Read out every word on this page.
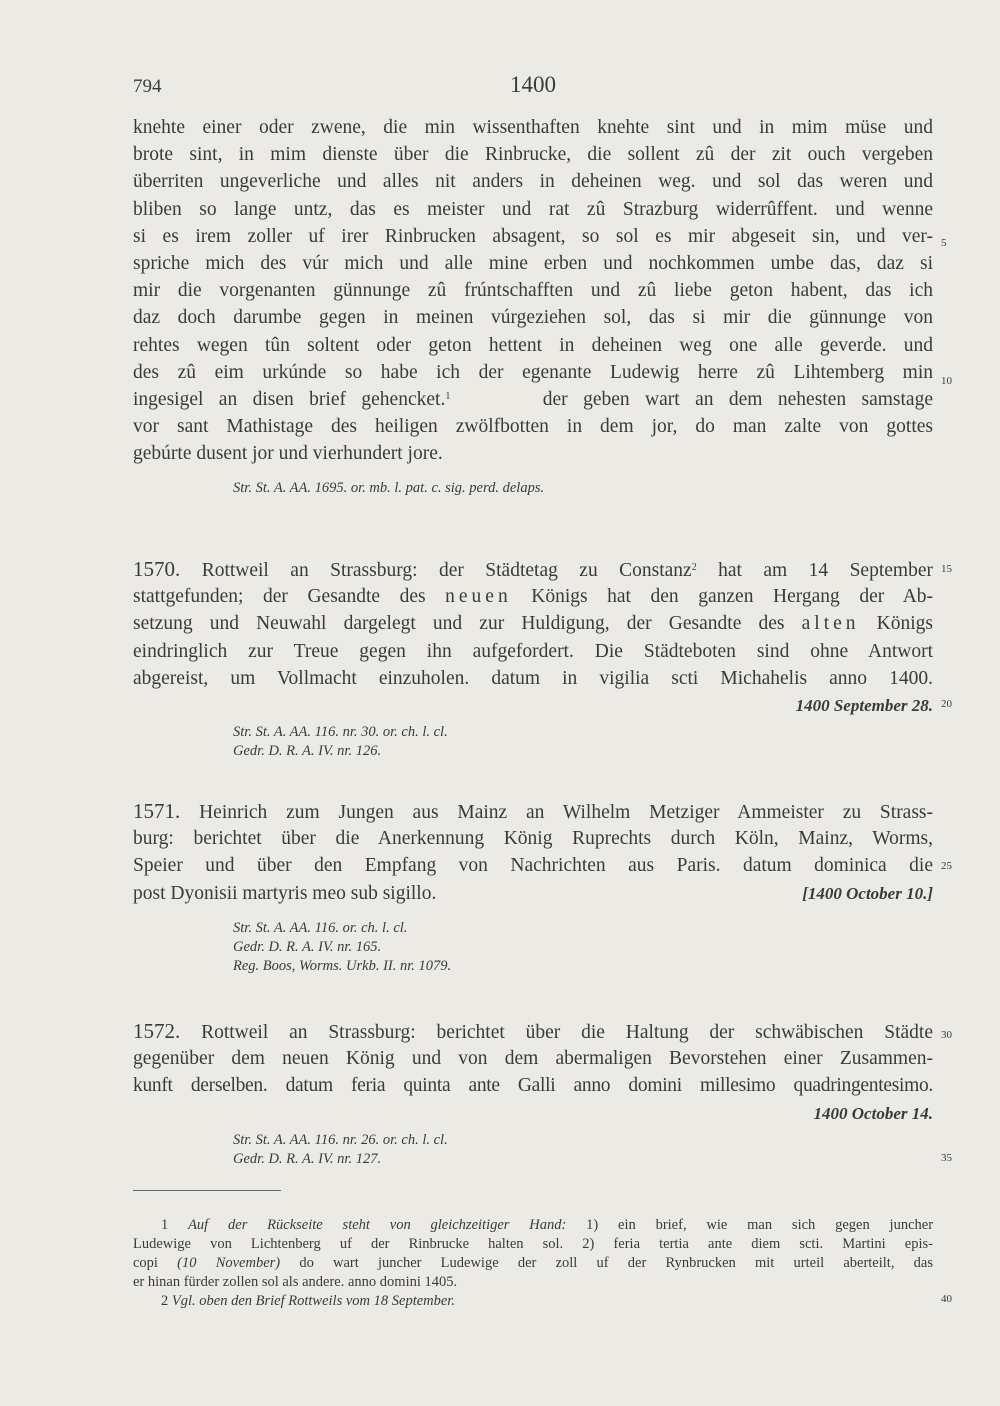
794	1400
knehte einer oder zwene, die min wissenthaften knehte sint und in mim müse und
brote sint, in mim dienste über die Rinbrucke, die sollent zû der zit ouch vergeben
überriten ungeverliche und alles nit anders in deheinen weg. und sol das weren und
bliben so lange untz, das es meister und rat zû Strazburg widerrûffent. und wenne
si es irem zoller uf irer Rinbrucken absagent, so sol es mir abgeseit sin, und ver-
spriche mich des vúr mich und alle mine erben und nochkommen umbe das, daz si
mir die vorgenanten günnunge zû frúntschafften und zû liebe geton habent, das ich
daz doch darumbe gegen in meinen vúrgeziehen sol, das si mir die günnunge von
rehtes wegen tûn soltent oder geton hettent in deheinen weg one alle geverde. und
des zû eim urkúnde so habe ich der egenante Ludewig herre zû Lihtemberg min
ingesigel an disen brief gehencket.$^1$	der geben wart an dem nehesten samstage
vor sant Mathistage des heiligen zwölfbotten in dem jor, do man zalte von gottes
gebúrte dusent jor und vierhundert jore.
Str. St. A. AA. 1695. or. mb. l. pat. c. sig. perd. delaps.
1570. Rottweil an Strassburg: der Städtetag zu Constanz$^2$ hat am 14 September
stattgefunden; der Gesandte des neuen Königs hat den ganzen Hergang der Ab-
setzung und Neuwahl dargelegt und zur Huldigung, der Gesandte des alten Königs
eindringlich zur Treue gegen ihn aufgefordert. Die Städteboten sind ohne Antwort
abgereist, um Vollmacht einzuholen. datum in vigilia scti Michahelis anno 1400.
1400 September 28.
Str. St. A. AA. 116. nr. 30. or. ch. l. cl.
Gedr. D. R. A. IV. nr. 126.
1571. Heinrich zum Jungen aus Mainz an Wilhelm Metziger Ammeister zu Strass-
burg: berichtet über die Anerkennung König Ruprechts durch Köln, Mainz, Worms,
Speier und über den Empfang von Nachrichten aus Paris. datum dominica die
post Dyonisii martyris meo sub sigillo.	[1400 October 10.]
Str. St. A. AA. 116. or. ch. l. cl.
Gedr. D. R. A. IV. nr. 165.
Reg. Boos, Worms. Urkb. II. nr. 1079.
1572. Rottweil an Strassburg: berichtet über die Haltung der schwäbischen Städte
gegenüber dem neuen König und von dem abermaligen Bevorstehen einer Zusammen-
kunft derselben. datum feria quinta ante Galli anno domini millesimo quadringentesimo.
1400 October 14.
Str. St. A. AA. 116. nr. 26. or. ch. l. cl.
Gedr. D. R. A. IV. nr. 127.
5
10
15
20
25
30
35
40
1 Auf der Rückseite steht von gleichzeitiger Hand: 1) ein brief, wie man sich gegen juncher
Ludewige von Lichtenberg uf der Rinbrucke halten sol. 2) feria tertia ante diem scti. Martini epis-
copi (10 November) do wart juncher Ludewige der zoll uf der Rynbrucken mit urteil aberteilt, das
er hinan fürder zollen sol als andere. anno domini 1405.
2 Vgl. oben den Brief Rottweils vom 18 September.
